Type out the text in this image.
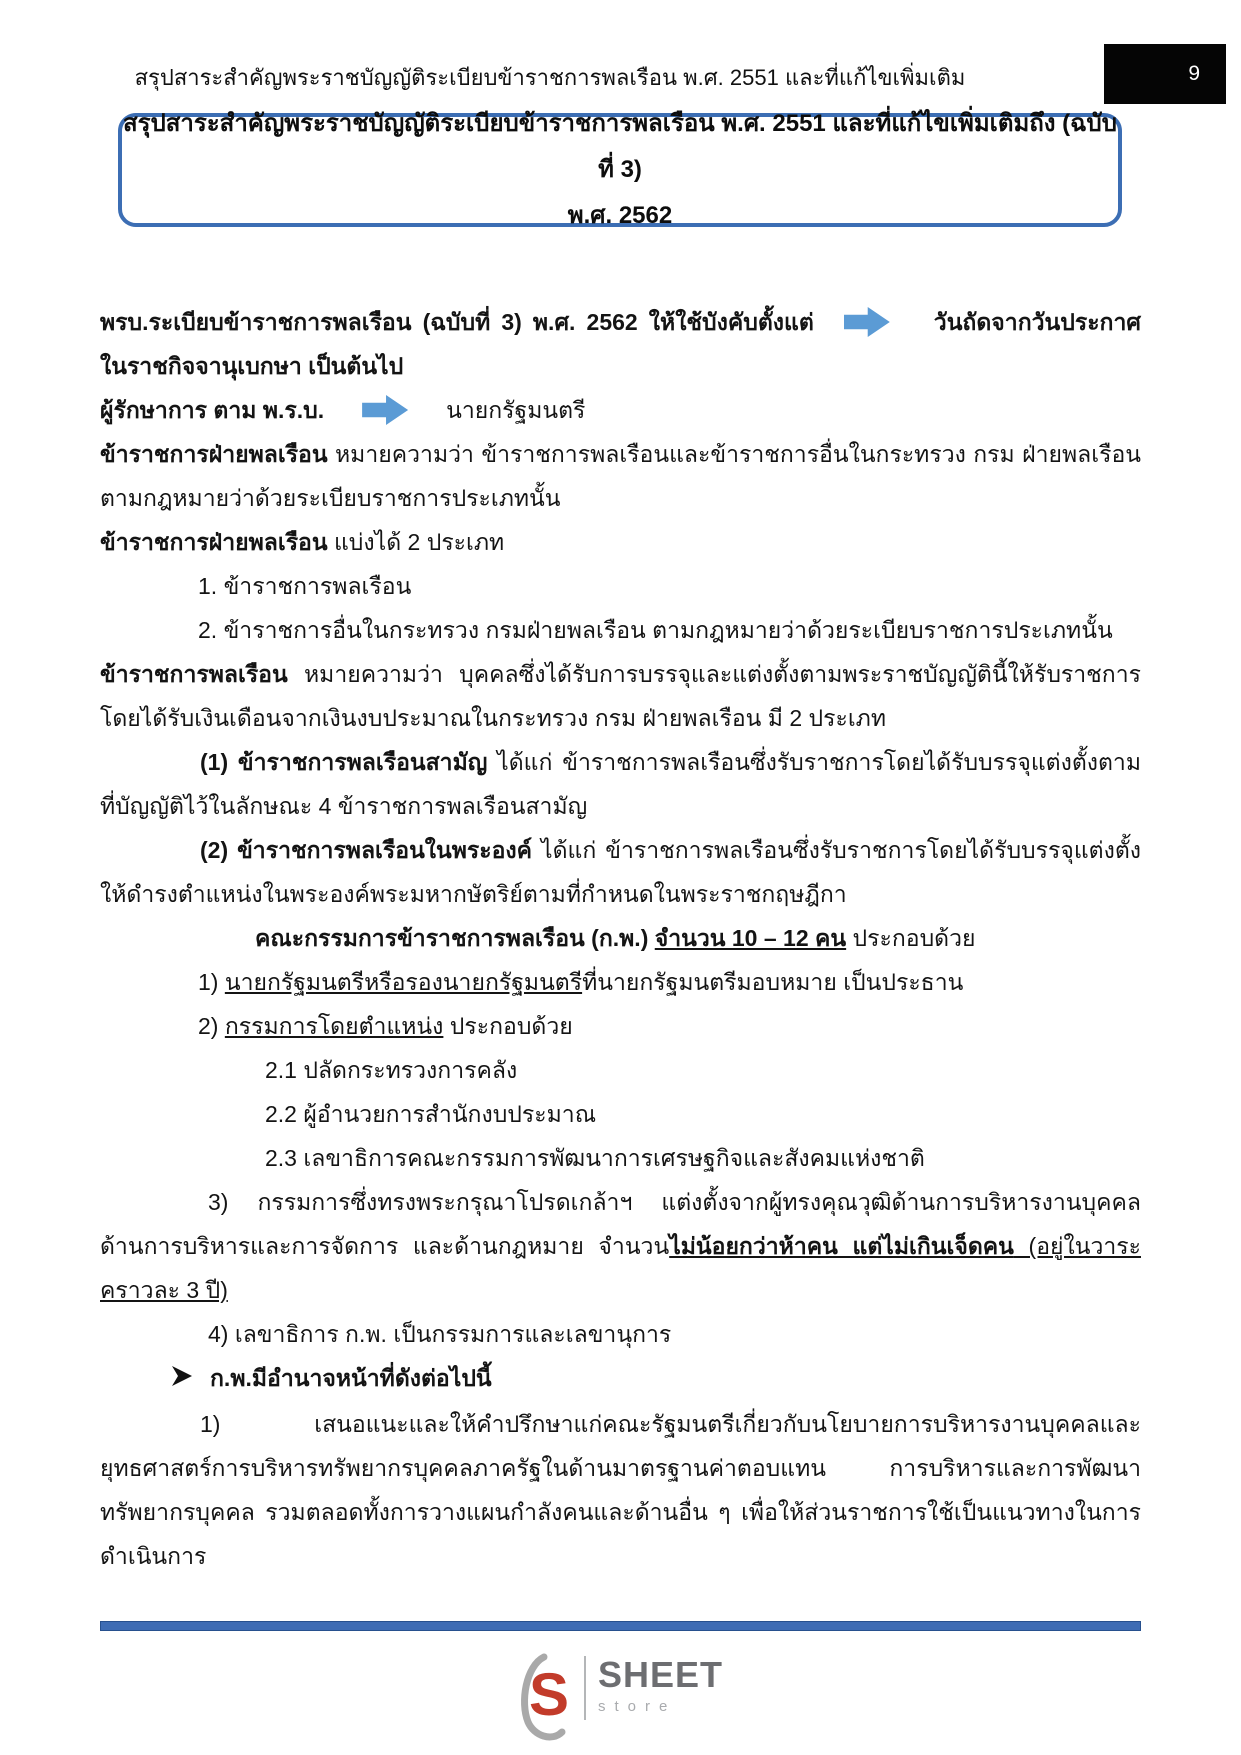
สรุปสาระสำคัญพระราชบัญญัติระเบียบข้าราชการพลเรือน พ.ศ. 2551 และที่แก้ไขเพิ่มเติม	9
สรุปสาระสำคัญพระราชบัญญัติระเบียบข้าราชการพลเรือน พ.ศ. 2551 และที่แก้ไขเพิ่มเติมถึง (ฉบับที่ 3)
พ.ศ. 2562

พรบ.ระเบียบข้าราชการพลเรือน (ฉบับที่ 3) พ.ศ. 2562 ให้ใช้บังคับตั้งแต่	วันถัดจากวันประกาศ ในราชกิจจานุเบกษา เป็นต้นไป

ผู้รักษาการ ตาม พ.ร.บ.	นายกรัฐมนตรี

ข้าราชการฝ่ายพลเรือน หมายความว่า ข้าราชการพลเรือนและข้าราชการอื่นในกระทรวง กรม ฝ่ายพลเรือน ตามกฎหมายว่าด้วยระเบียบราชการประเภทนั้น

ข้าราชการฝ่ายพลเรือน แบ่งได้ 2 ประเภท

1. ข้าราชการพลเรือน

2. ข้าราชการอื่นในกระทรวง กรมฝ่ายพลเรือน ตามกฎหมายว่าด้วยระเบียบราชการประเภทนั้น

ข้าราชการพลเรือน หมายความว่า บุคคลซึ่งได้รับการบรรจุและแต่งตั้งตามพระราชบัญญัตินี้ให้รับราชการโดยได้รับเงินเดือนจากเงินงบประมาณในกระทรวง กรม ฝ่ายพลเรือน มี 2 ประเภท

(1) ข้าราชการพลเรือนสามัญ ได้แก่ ข้าราชการพลเรือนซึ่งรับราชการโดยได้รับบรรจุแต่งตั้งตามที่บัญญัติไว้ในลักษณะ 4 ข้าราชการพลเรือนสามัญ

(2) ข้าราชการพลเรือนในพระองค์ ได้แก่ ข้าราชการพลเรือนซึ่งรับราชการโดยได้รับบรรจุแต่งตั้ง ให้ดำรงตำแหน่งในพระองค์พระมหากษัตริย์ตามที่กำหนดในพระราชกฤษฎีกา

คณะกรรมการข้าราชการพลเรือน (ก.พ.) จำนวน 10 – 12 คน ประกอบด้วย

1) นายกรัฐมนตรีหรือรองนายกรัฐมนตรีที่นายกรัฐมนตรีมอบหมาย เป็นประธาน

2) กรรมการโดยตำแหน่ง ประกอบด้วย

2.1 ปลัดกระทรวงการคลัง

2.2 ผู้อำนวยการสำนักงบประมาณ

2.3 เลขาธิการคณะกรรมการพัฒนาการเศรษฐกิจและสังคมแห่งชาติ

3) กรรมการซึ่งทรงพระกรุณาโปรดเกล้าฯ แต่งตั้งจากผู้ทรงคุณวุฒิด้านการบริหารงานบุคคล ด้านการบริหารและการจัดการ และด้านกฎหมาย จำนวนไม่น้อยกว่าห้าคน แต่ไม่เกินเจ็ดคน (อยู่ในวาระคราวละ 3 ปี)

4) เลขาธิการ ก.พ. เป็นกรรมการและเลขานุการ

ก.พ.มีอำนาจหน้าที่ดังต่อไปนี้

1) เสนอแนะและให้คำปรึกษาแก่คณะรัฐมนตรีเกี่ยวกับนโยบายการบริหารงานบุคคลและยุทธศาสตร์การบริหารทรัพยากรบุคคลภาครัฐในด้านมาตรฐานค่าตอบแทน การบริหารและการพัฒนาทรัพยากรบุคคล รวมตลอดทั้งการวางแผนกำลังคนและด้านอื่น ๆ เพื่อให้ส่วนราชการใช้เป็นแนวทางในการดำเนินการ

S SHEET
store
